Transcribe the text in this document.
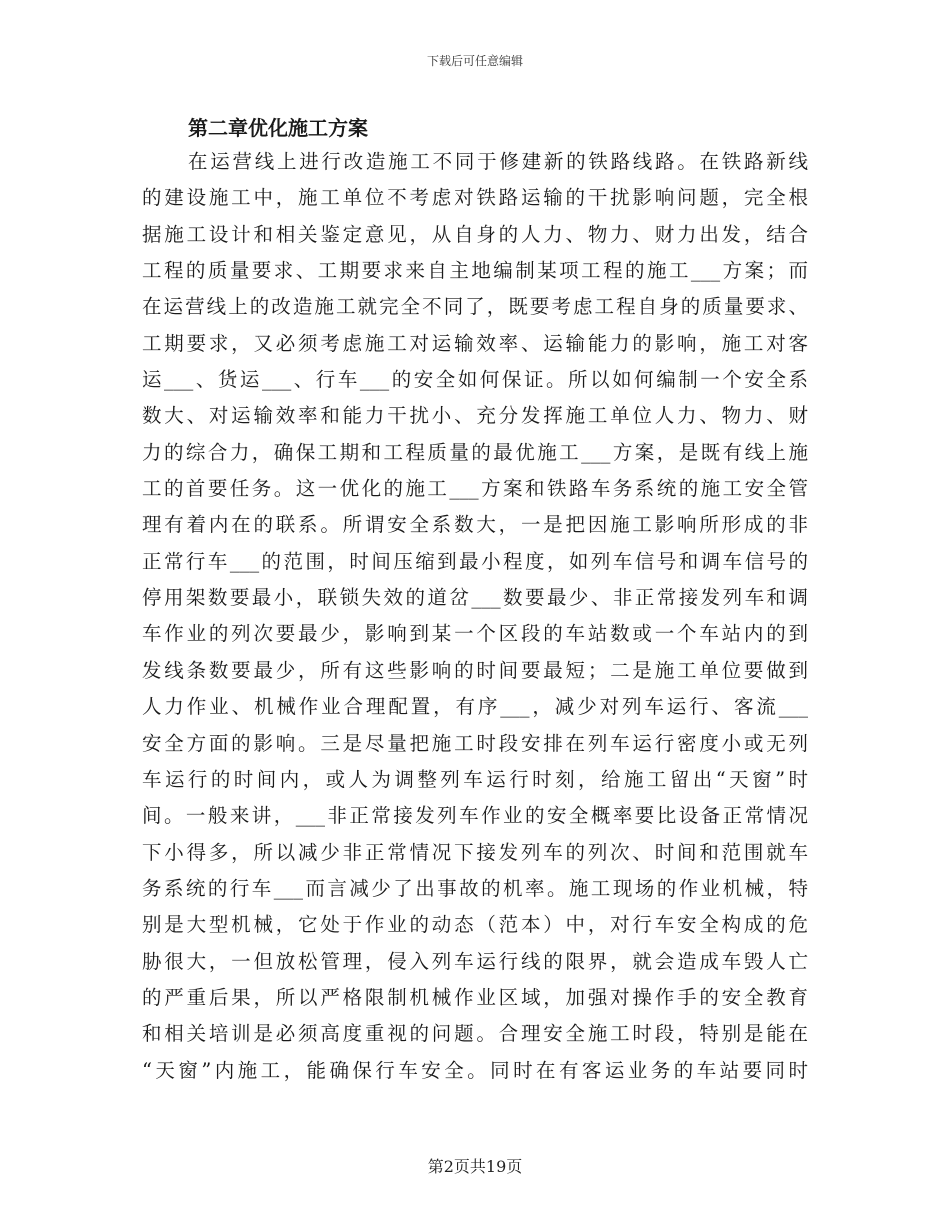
下载后可任意编辑
第二章优化施工方案
在运营线上进行改造施工不同于修建新的铁路线路。在铁路新线
的建设施工中，施工单位不考虑对铁路运输的干扰影响问题，完全根
据施工设计和相关鉴定意见，从自身的人力、物力、财力出发，结合
工程的质量要求、工期要求来自主地编制某项工程的施工___方案；而
在运营线上的改造施工就完全不同了，既要考虑工程自身的质量要求、
工期要求，又必须考虑施工对运输效率、运输能力的影响，施工对客
运___、货运___、行车___的安全如何保证。所以如何编制一个安全系
数大、对运输效率和能力干扰小、充分发挥施工单位人力、物力、财
力的综合力，确保工期和工程质量的最优施工___方案，是既有线上施
工的首要任务。这一优化的施工___方案和铁路车务系统的施工安全管
理有着内在的联系。所谓安全系数大，一是把因施工影响所形成的非
正常行车___的范围，时间压缩到最小程度，如列车信号和调车信号的
停用架数要最小，联锁失效的道岔___数要最少、非正常接发列车和调
车作业的列次要最少，影响到某一个区段的车站数或一个车站内的到
发线条数要最少，所有这些影响的时间要最短；二是施工单位要做到
人力作业、机械作业合理配置，有序___，减少对列车运行、客流___
安全方面的影响。三是尽量把施工时段安排在列车运行密度小或无列
车运行的时间内，或人为调整列车运行时刻，给施工留出“天窗”时
间。一般来讲，___非正常接发列车作业的安全概率要比设备正常情况
下小得多，所以减少非正常情况下接发列车的列次、时间和范围就车
务系统的行车___而言减少了出事故的机率。施工现场的作业机械，特
别是大型机械，它处于作业的动态（范本）中，对行车安全构成的危
胁很大，一但放松管理，侵入列车运行线的限界，就会造成车毁人亡
的严重后果，所以严格限制机械作业区域，加强对操作手的安全教育
和相关培训是必须高度重视的问题。合理安全施工时段，特别是能在
“天窗”内施工，能确保行车安全。同时在有客运业务的车站要同时
第2页共19页
